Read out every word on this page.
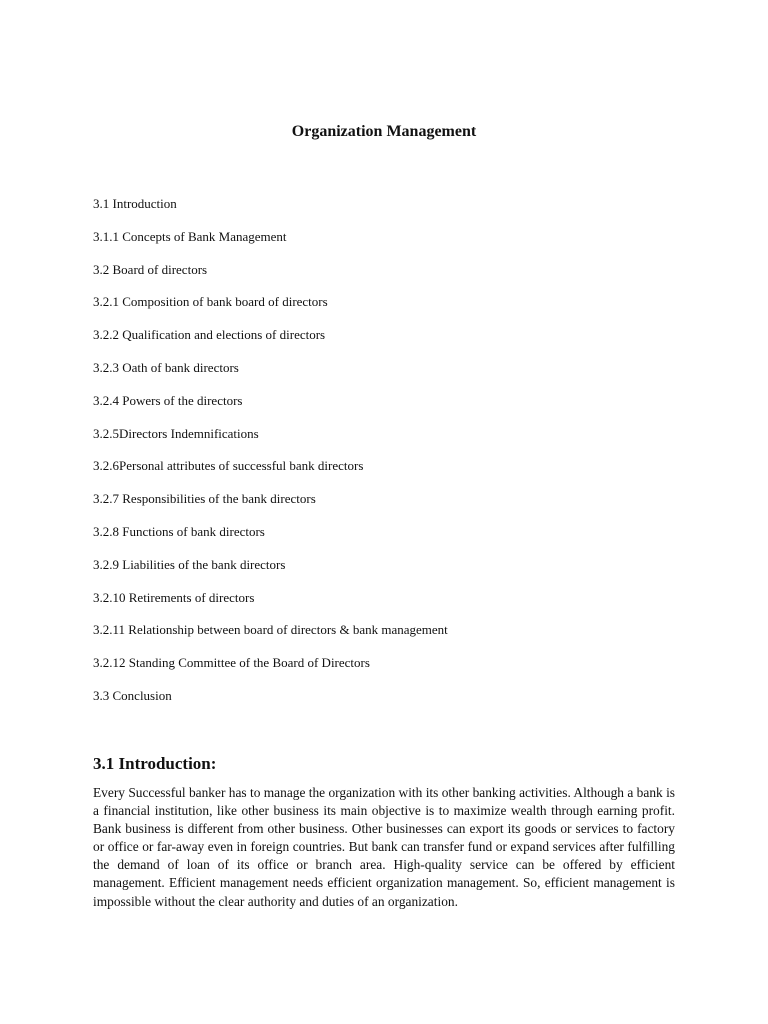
Organization Management
3.1 Introduction
3.1.1 Concepts of Bank Management
3.2 Board of directors
3.2.1 Composition of bank board of directors
3.2.2 Qualification and elections of directors
3.2.3 Oath of bank directors
3.2.4 Powers of the directors
3.2.5Directors Indemnifications
3.2.6Personal attributes of successful bank directors
3.2.7 Responsibilities of the bank directors
3.2.8 Functions of bank directors
3.2.9 Liabilities of the bank directors
3.2.10 Retirements of directors
3.2.11 Relationship between board of directors & bank management
3.2.12 Standing Committee of the Board of Directors
3.3 Conclusion
3.1 Introduction:

Every Successful banker has to manage the organization with its other banking activities. Although a bank is a financial institution, like other business its main objective is to maximize wealth through earning profit. Bank business is different from other business. Other businesses can export its goods or services to factory or office or far-away even in foreign countries. But bank can transfer fund or expand services after fulfilling the demand of loan of its office or branch area. High-quality service can be offered by efficient management. Efficient management needs efficient organization management. So, efficient management is impossible without the clear authority and duties of an organization.
